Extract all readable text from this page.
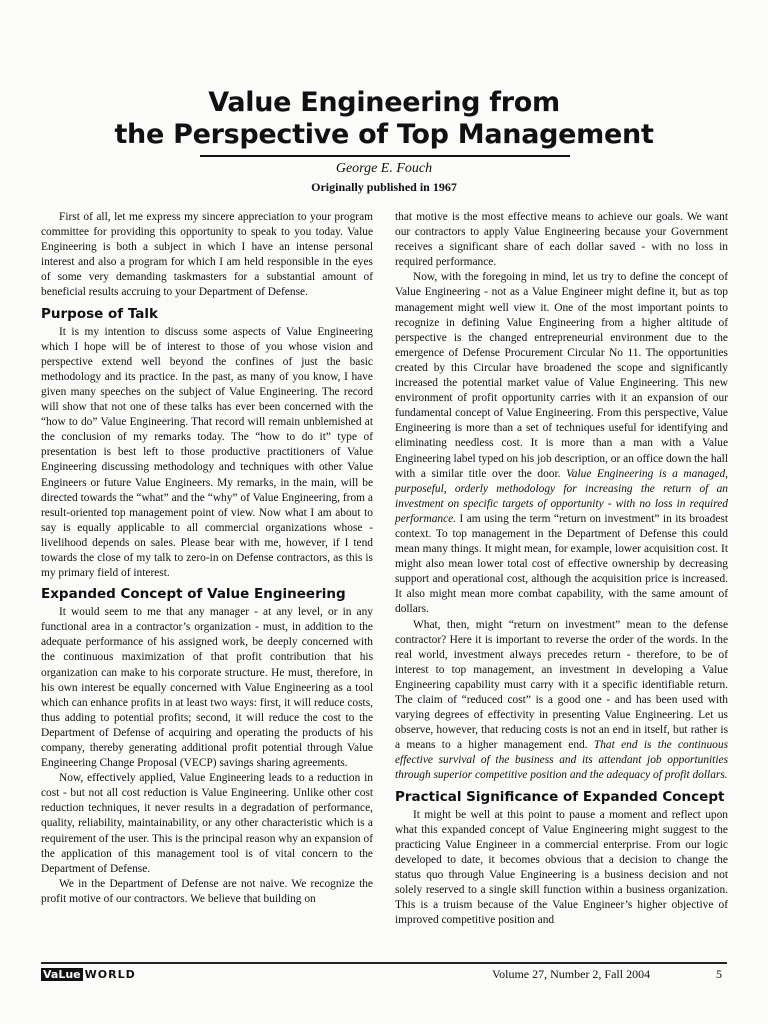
Value Engineering from
the Perspective of Top Management
George E. Fouch
Originally published in 1967

First of all, let me express my sincere appreciation to your program committee for providing this opportunity to speak to you today. Value Engineering is both a subject in which I have an intense personal interest and also a program for which I am held responsible in the eyes of some very demanding taskmasters for a substantial amount of beneficial results accruing to your Department of Defense.

Purpose of Talk

It is my intention to discuss some aspects of Value Engineering which I hope will be of interest to those of you whose vision and perspective extend well beyond the confines of just the basic methodology and its practice. In the past, as many of you know, I have given many speeches on the subject of Value Engineering. The record will show that not one of these talks has ever been concerned with the “how to do” Value Engineering. That record will remain unblemished at the conclusion of my remarks today. The “how to do it” type of presentation is best left to those productive practitioners of Value Engineering discussing methodology and techniques with other Value Engineers or future Value Engineers. My remarks, in the main, will be directed towards the “what” and the “why” of Value Engineering, from a result-oriented top management point of view. Now what I am about to say is equally applicable to all commercial organizations whose - livelihood depends on sales. Please bear with me, however, if I tend towards the close of my talk to zero-in on Defense contractors, as this is my primary field of interest.

Expanded Concept of Value Engineering

It would seem to me that any manager - at any level, or in any functional area in a contractor’s organization - must, in addition to the adequate performance of his assigned work, be deeply concerned with the continuous maximization of that profit contribution that his organization can make to his corporate structure. He must, therefore, in his own interest be equally concerned with Value Engineering as a tool which can enhance profits in at least two ways: first, it will reduce costs, thus adding to potential profits; second, it will reduce the cost to the Department of Defense of acquiring and operating the products of his company, thereby generating additional profit potential through Value Engineering Change Proposal (VECP) savings sharing agreements.

Now, effectively applied, Value Engineering leads to a reduction in cost - but not all cost reduction is Value Engineering. Unlike other cost reduction techniques, it never results in a degradation of performance, quality, reliability, maintainability, or any other characteristic which is a requirement of the user. This is the principal reason why an expansion of the application of this management tool is of vital concern to the Department of Defense.

We in the Department of Defense are not naive. We recognize the profit motive of our contractors. We believe that building on

that motive is the most effective means to achieve our goals. We want our contractors to apply Value Engineering because your Government receives a significant share of each dollar saved - with no loss in required performance.

Now, with the foregoing in mind, let us try to define the concept of Value Engineering - not as a Value Engineer might define it, but as top management might well view it. One of the most important points to recognize in defining Value Engineering from a higher altitude of perspective is the changed entrepreneurial environment due to the emergence of Defense Procurement Circular No 11. The opportunities created by this Circular have broadened the scope and significantly increased the potential market value of Value Engineering. This new environment of profit opportunity carries with it an expansion of our fundamental concept of Value Engineering. From this perspective, Value Engineering is more than a set of techniques useful for identifying and eliminating needless cost. It is more than a man with a Value Engineering label typed on his job description, or an office down the hall with a similar title over the door. Value Engineering is a managed, purposeful, orderly methodology for increasing the return of an investment on specific targets of opportunity - with no loss in required performance. I am using the term “return on investment” in its broadest context. To top management in the Department of Defense this could mean many things. It might mean, for example, lower acquisition cost. It might also mean lower total cost of effective ownership by decreasing support and operational cost, although the acquisition price is increased. It also might mean more combat capability, with the same amount of dollars.

What, then, might “return on investment” mean to the defense contractor? Here it is important to reverse the order of the words. In the real world, investment always precedes return - therefore, to be of interest to top management, an investment in developing a Value Engineering capability must carry with it a specific identifiable return. The claim of “reduced cost” is a good one - and has been used with varying degrees of effectivity in presenting Value Engineering. Let us observe, however, that reducing costs is not an end in itself, but rather is a means to a higher management end. That end is the continuous effective survival of the business and its attendant job opportunities through superior competitive position and the adequacy of profit dollars.

Practical Significance of Expanded Concept

It might be well at this point to pause a moment and reflect upon what this expanded concept of Value Engineering might suggest to the practicing Value Engineer in a commercial enterprise. From our logic developed to date, it becomes obvious that a decision to change the status quo through Value Engineering is a business decision and not solely reserved to a single skill function within a business organization. This is a truism because of the Value Engineer’s higher objective of improved competitive position and

VaLue WORLD	Volume 27, Number 2, Fall 2004	5
